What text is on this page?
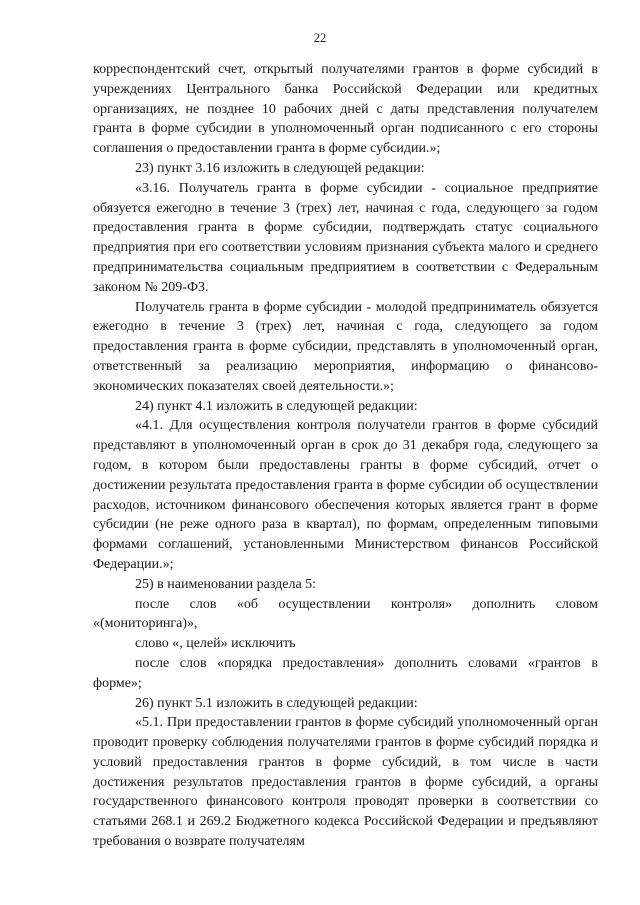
22

корреспондентский счет, открытый получателями грантов в форме субсидий в учреждениях Центрального банка Российской Федерации или кредитных организациях, не позднее 10 рабочих дней с даты представления получателем гранта в форме субсидии в уполномоченный орган подписанного с его стороны соглашения о предоставлении гранта в форме субсидии.»;

23) пункт 3.16 изложить в следующей редакции:

«3.16. Получатель гранта в форме субсидии - социальное предприятие обязуется ежегодно в течение 3 (трех) лет, начиная с года, следующего за годом предоставления гранта в форме субсидии, подтверждать статус социального предприятия при его соответствии условиям признания субъекта малого и среднего предпринимательства социальным предприятием в соответствии с Федеральным законом № 209-ФЗ.

Получатель гранта в форме субсидии - молодой предприниматель обязуется ежегодно в течение 3 (трех) лет, начиная с года, следующего за годом предоставления гранта в форме субсидии, представлять в уполномоченный орган, ответственный за реализацию мероприятия, информацию о финансово-экономических показателях своей деятельности.»;

24) пункт 4.1 изложить в следующей редакции:

«4.1. Для осуществления контроля получатели грантов в форме субсидий представляют в уполномоченный орган в срок до 31 декабря года, следующего за годом, в котором были предоставлены гранты в форме субсидий, отчет о достижении результата предоставления гранта в форме субсидии об осуществлении расходов, источником финансового обеспечения которых является грант в форме субсидии (не реже одного раза в квартал), по формам, определенным типовыми формами соглашений, установленными Министерством финансов Российской Федерации.»;

25) в наименовании раздела 5:

после слов «об осуществлении контроля» дополнить словом «(мониторинга)»,

слово «, целей» исключить

после слов «порядка предоставления» дополнить словами «грантов в форме»;

26) пункт 5.1 изложить в следующей редакции:

«5.1. При предоставлении грантов в форме субсидий уполномоченный орган проводит проверку соблюдения получателями грантов в форме субсидий порядка и условий предоставления грантов в форме субсидий, в том числе в части достижения результатов предоставления грантов в форме субсидий, а органы государственного финансового контроля проводят проверки в соответствии со статьями 268.1 и 269.2 Бюджетного кодекса Российской Федерации и предъявляют требования о возврате получателям
